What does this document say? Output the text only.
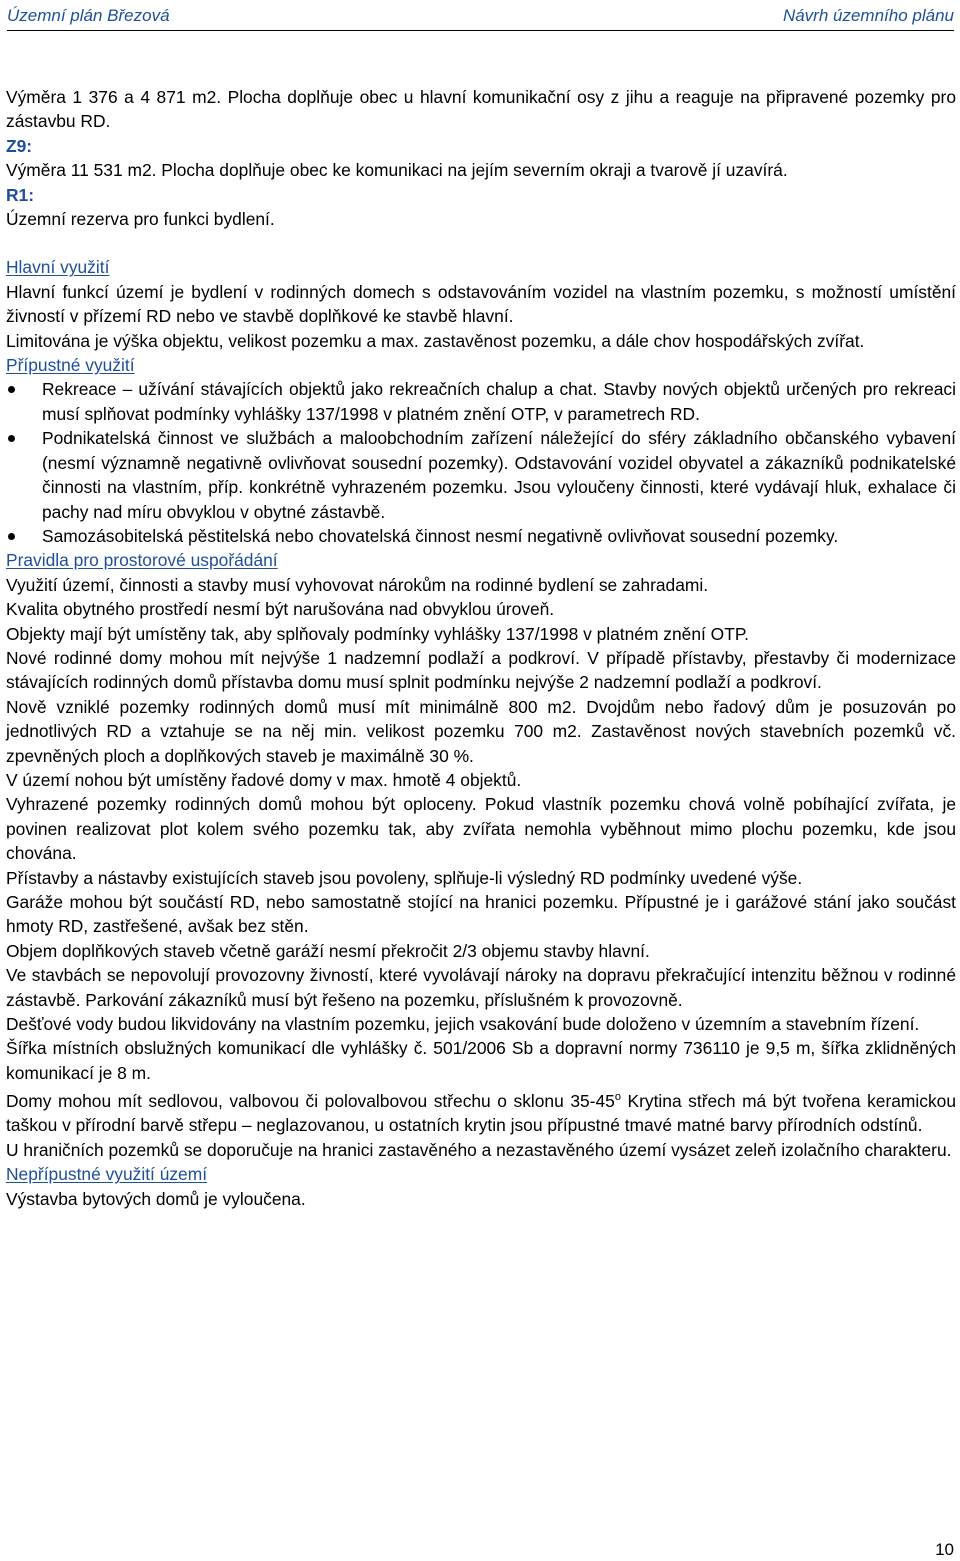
Územní plán Březová	Návrh územního plánu

Výměra 1 376 a 4 871 m2. Plocha doplňuje obec u hlavní komunikační osy z jihu a reaguje na připravené pozemky pro zástavbu RD.

Z9:

Výměra 11 531 m2. Plocha doplňuje obec ke komunikaci na jejím severním okraji a tvarově jí uzavírá.

R1:

Územní rezerva pro funkci bydlení.

Hlavní využití

Hlavní funkcí území je bydlení v rodinných domech s odstavováním vozidel na vlastním pozemku, s možností umístění živností v přízemí RD nebo ve stavbě doplňkové ke stavbě hlavní.

Limitována je výška objektu, velikost pozemku a max. zastavěnost pozemku, a dále chov hospodářských zvířat.

Přípustné využití

Rekreace – užívání stávajících objektů jako rekreačních chalup a chat. Stavby nových objektů určených pro rekreaci musí splňovat podmínky vyhlášky 137/1998 v platném znění OTP, v parametrech RD.
Podnikatelská činnost ve službách a maloobchodním zařízení náležející do sféry základního občanského vybavení (nesmí významně negativně ovlivňovat sousední pozemky). Odstavování vozidel obyvatel a zákazníků podnikatelské činnosti na vlastním, příp. konkrétně vyhrazeném pozemku. Jsou vyloučeny činnosti, které vydávají hluk, exhalace či pachy nad míru obvyklou v obytné zástavbě.
Samozásobitelská pěstitelská nebo chovatelská činnost nesmí negativně ovlivňovat sousední pozemky.

Pravidla pro prostorové uspořádání

Využití území, činnosti a stavby musí vyhovovat nárokům na rodinné bydlení se zahradami.

Kvalita obytného prostředí nesmí být narušována nad obvyklou úroveň.

Objekty mají být umístěny tak, aby splňovaly podmínky vyhlášky 137/1998 v platném znění OTP.

Nové rodinné domy mohou mít nejvýše 1 nadzemní podlaží a podkroví. V případě přístavby, přestavby či modernizace stávajících rodinných domů přístavba domu musí splnit podmínku nejvýše 2 nadzemní podlaží a podkroví.

Nově vzniklé pozemky rodinných domů musí mít minimálně 800 m2. Dvojdům nebo řadový dům je posuzován po jednotlivých RD a vztahuje se na něj min. velikost pozemku 700 m2. Zastavěnost nových stavebních pozemků vč. zpevněných ploch a doplňkových staveb je maximálně 30 %.

V území nohou být umístěny řadové domy v max. hmotě 4 objektů.

Vyhrazené pozemky rodinných domů mohou být oploceny. Pokud vlastník pozemku chová volně pobíhající zvířata, je povinen realizovat plot kolem svého pozemku tak, aby zvířata nemohla vyběhnout mimo plochu pozemku, kde jsou chována.

Přístavby a nástavby existujících staveb jsou povoleny, splňuje-li výsledný RD podmínky uvedené výše.

Garáže mohou být součástí RD, nebo samostatně stojící na hranici pozemku. Přípustné je i garážové stání jako součást hmoty RD, zastřešené, avšak bez stěn.

Objem doplňkových staveb včetně garáží nesmí překročit 2/3 objemu stavby hlavní.

Ve stavbách se nepovolují provozovny živností, které vyvolávají nároky na dopravu překračující intenzitu běžnou v rodinné zástavbě. Parkování zákazníků musí být řešeno na pozemku, příslušném k provozovně.

Dešťové vody budou likvidovány na vlastním pozemku, jejich vsakování bude doloženo v územním a stavebním řízení.

Šířka místních obslužných komunikací dle vyhlášky č. 501/2006 Sb a dopravní normy 736110 je 9,5 m, šířka zklidněných komunikací je 8 m.

Domy mohou mít sedlovou, valbovou či polovalbovou střechu o sklonu 35-45$^o$ Krytina střech má být tvořena keramickou taškou v přírodní barvě střepu – neglazovanou, u ostatních krytin jsou přípustné tmavé matné barvy přírodních odstínů.

U hraničních pozemků se doporučuje na hranici zastavěného a nezastavěného území vysázet zeleň izolačního charakteru.

Nepřípustné využití území

Výstavba bytových domů je vyloučena.

10
